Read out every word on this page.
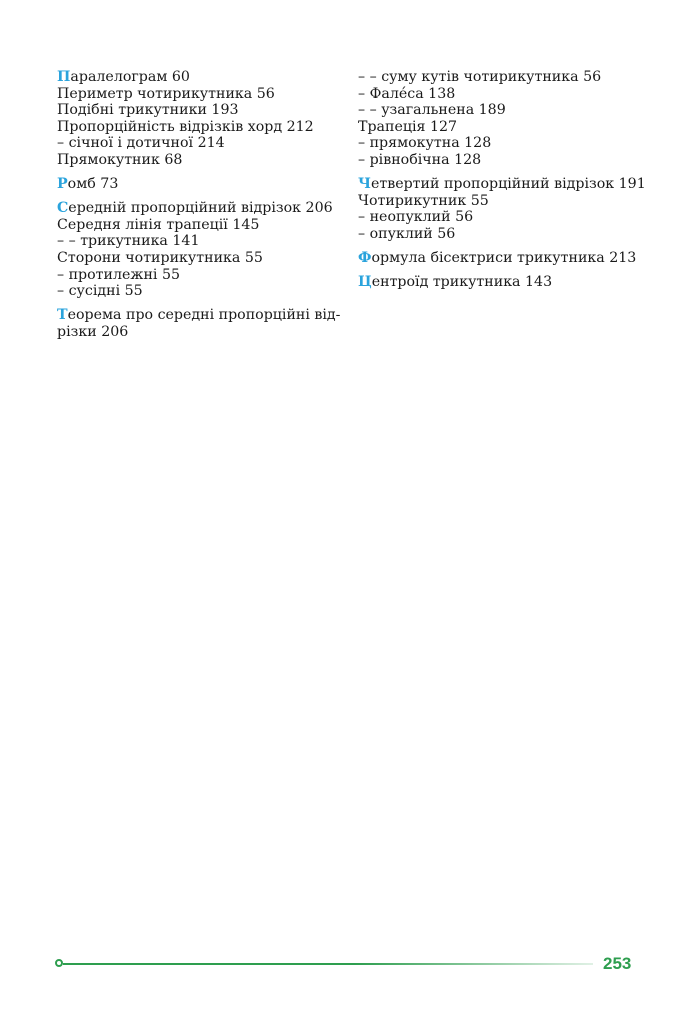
Паралелограм 60
Периметр чотирикутника 56
Подібні трикутники 193
Пропорційність відрізків хорд 212
– січної і дотичної 214
Прямокутник 68
Ромб 73
Середній пропорційний відрізок 206
Середня лінія трапеції 145
– – трикутника 141
Сторони чотирикутника 55
– протилежні 55
– сусідні 55
Теорема про середні пропорційні від-
різки 206
– – суму кутів чотирикутника 56
– Фалéса 138
– – узагальнена 189
Трапеція 127
– прямокутна 128
– рівнобічна 128
Четвертий пропорційний відрізок 191
Чотирикутник 55
– неопуклий 56
– опуклий 56
Формула бісектриси трикутника 213
Центроїд трикутника 143
253
